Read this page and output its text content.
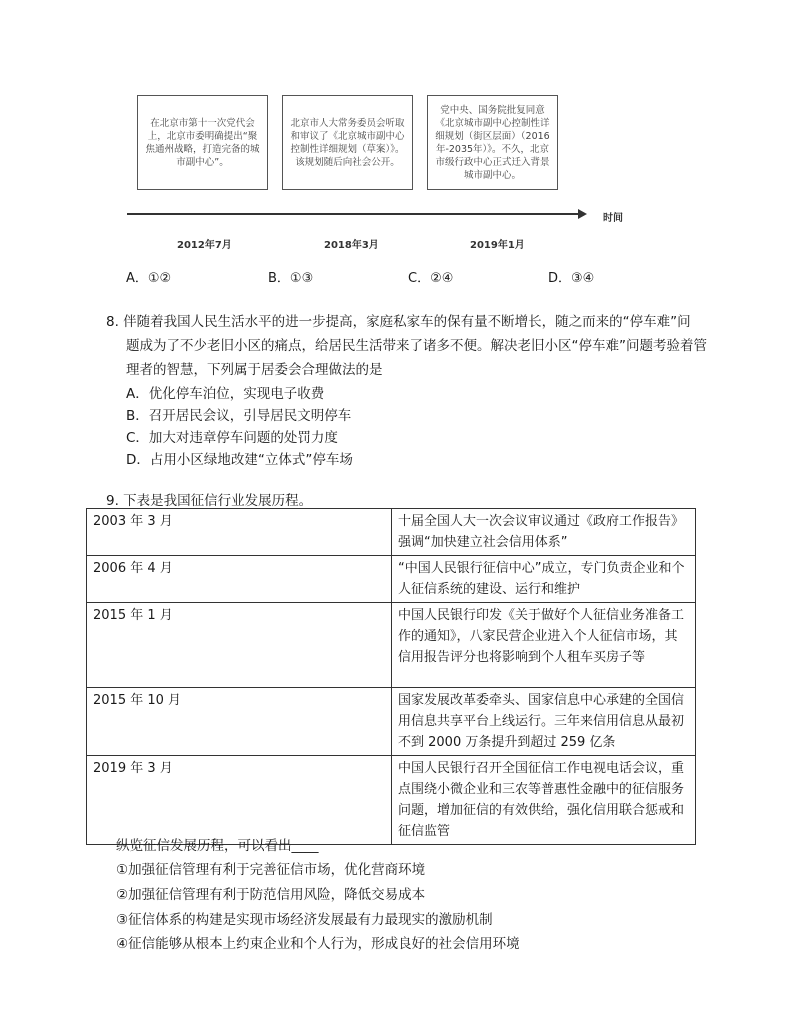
在北京市第十一次党代会上，北京市委明确提出“聚焦通州战略，打造完备的城市副中心”。
北京市人大常务委员会听取和审议了《北京城市副中心控制性详细规划（草案）》。该规划随后向社会公开。
党中央、国务院批复同意《北京城市副中心控制性详细规划（街区层面）（2016年-2035年）》。不久，北京市级行政中心正式迁入背景城市副中心。
时间
2012年7月	2018年3月	2019年1月
A．①②	B．①③	C．②④	D．③④
8. 伴随着我国人民生活水平的进一步提高，家庭私家车的保有量不断增长，随之而来的“停车难”问
题成为了不少老旧小区的痛点，给居民生活带来了诸多不便。解决老旧小区“停车难”问题考验着管
理者的智慧，下列属于居委会合理做法的是
A．优化停车泊位，实现电子收费
B．召开居民会议，引导居民文明停车
C．加大对违章停车问题的处罚力度
D．占用小区绿地改建“立体式”停车场
9. 下表是我国征信行业发展历程。
2003 年 3 月	十届全国人大一次会议审议通过《政府工作报告》强调“加快建立社会信用体系”
2006 年 4 月	“中国人民银行征信中心”成立，专门负责企业和个人征信系统的建设、运行和维护
2015 年 1 月	中国人民银行印发《关于做好个人征信业务准备工作的通知》，八家民营企业进入个人征信市场，其信用报告评分也将影响到个人租车买房子等
2015 年 10 月	国家发展改革委牵头、国家信息中心承建的全国信用信息共享平台上线运行。三年来信用信息从最初不到 2000 万条提升到超过 259 亿条
2019 年 3 月	中国人民银行召开全国征信工作电视电话会议，重点围绕小微企业和三农等普惠性金融中的征信服务问题，增加征信的有效供给，强化信用联合惩戒和征信监管
纵览征信发展历程，可以看出____
①加强征信管理有利于完善征信市场，优化营商环境
②加强征信管理有利于防范信用风险，降低交易成本
③征信体系的构建是实现市场经济发展最有力最现实的激励机制
④征信能够从根本上约束企业和个人行为，形成良好的社会信用环境
